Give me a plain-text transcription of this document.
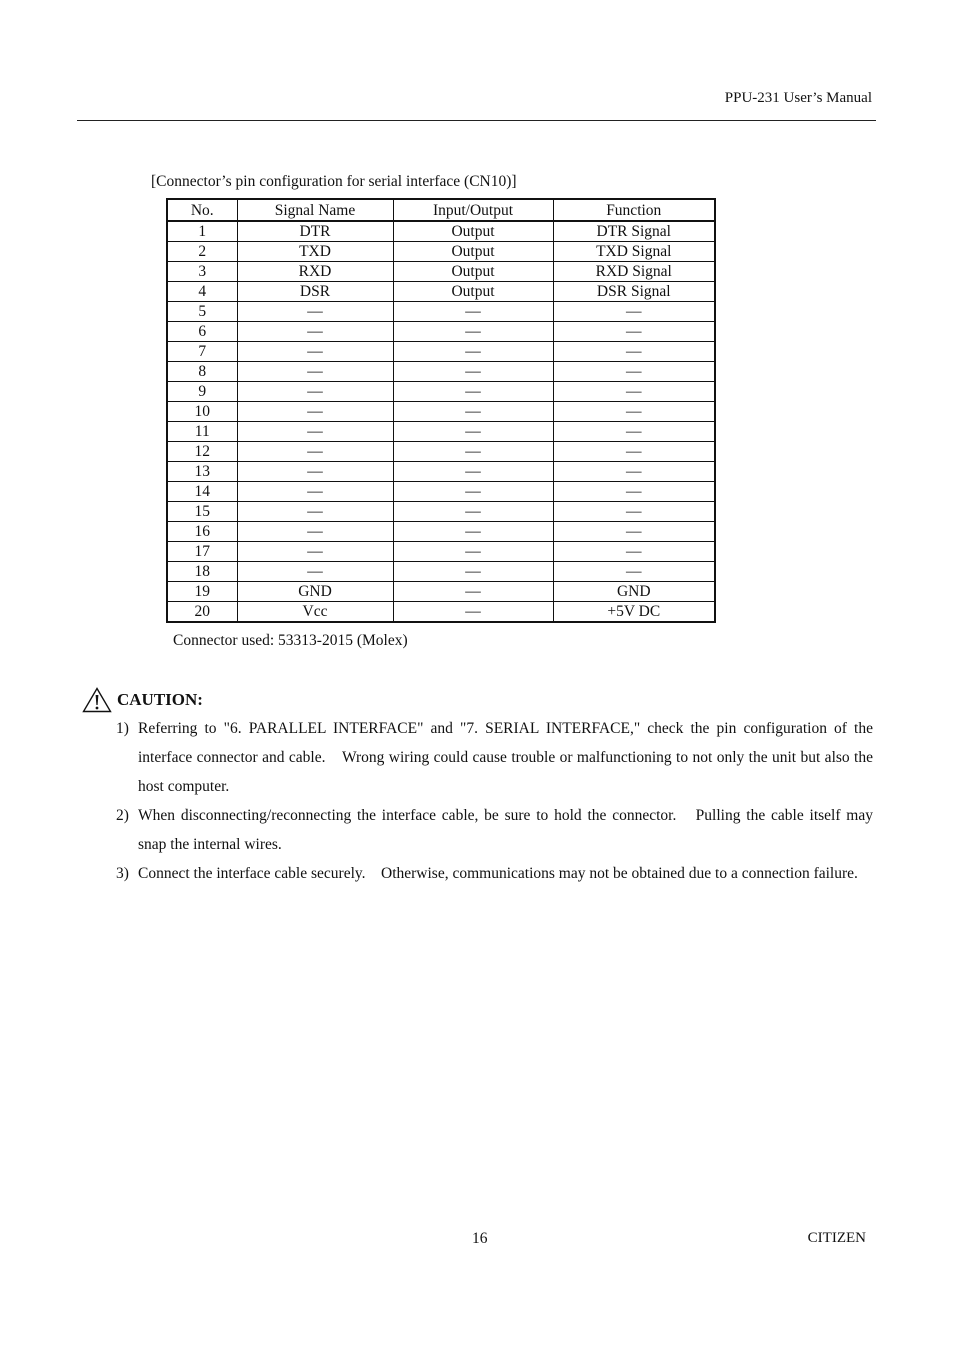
PPU-231 User’s Manual
[Connector’s pin configuration for serial interface (CN10)]
No.	Signal Name	Input/Output	Function
1	DTR	Output	DTR Signal
2	TXD	Output	TXD Signal
3	RXD	Output	RXD Signal
4	DSR	Output	DSR Signal
5	—	—	—
6	—	—	—
7	—	—	—
8	—	—	—
9	—	—	—
10	—	—	—
11	—	—	—
12	—	—	—
13	—	—	—
14	—	—	—
15	—	—	—
16	—	—	—
17	—	—	—
18	—	—	—
19	GND	—	GND
20	Vcc	—	+5V DC
Connector used: 53313-2015 (Molex)
CAUTION:
1) Referring to "6. PARALLEL INTERFACE" and "7. SERIAL INTERFACE," check the pin configuration of the interface connector and cable.　Wrong wiring could cause trouble or malfunctioning to not only the unit but also the host computer.
2) When disconnecting/reconnecting the interface cable, be sure to hold the connector.　Pulling the cable itself may snap the internal wires.
3) Connect the interface cable securely.　Otherwise, communications may not be obtained due to a connection failure.
16	CITIZEN
